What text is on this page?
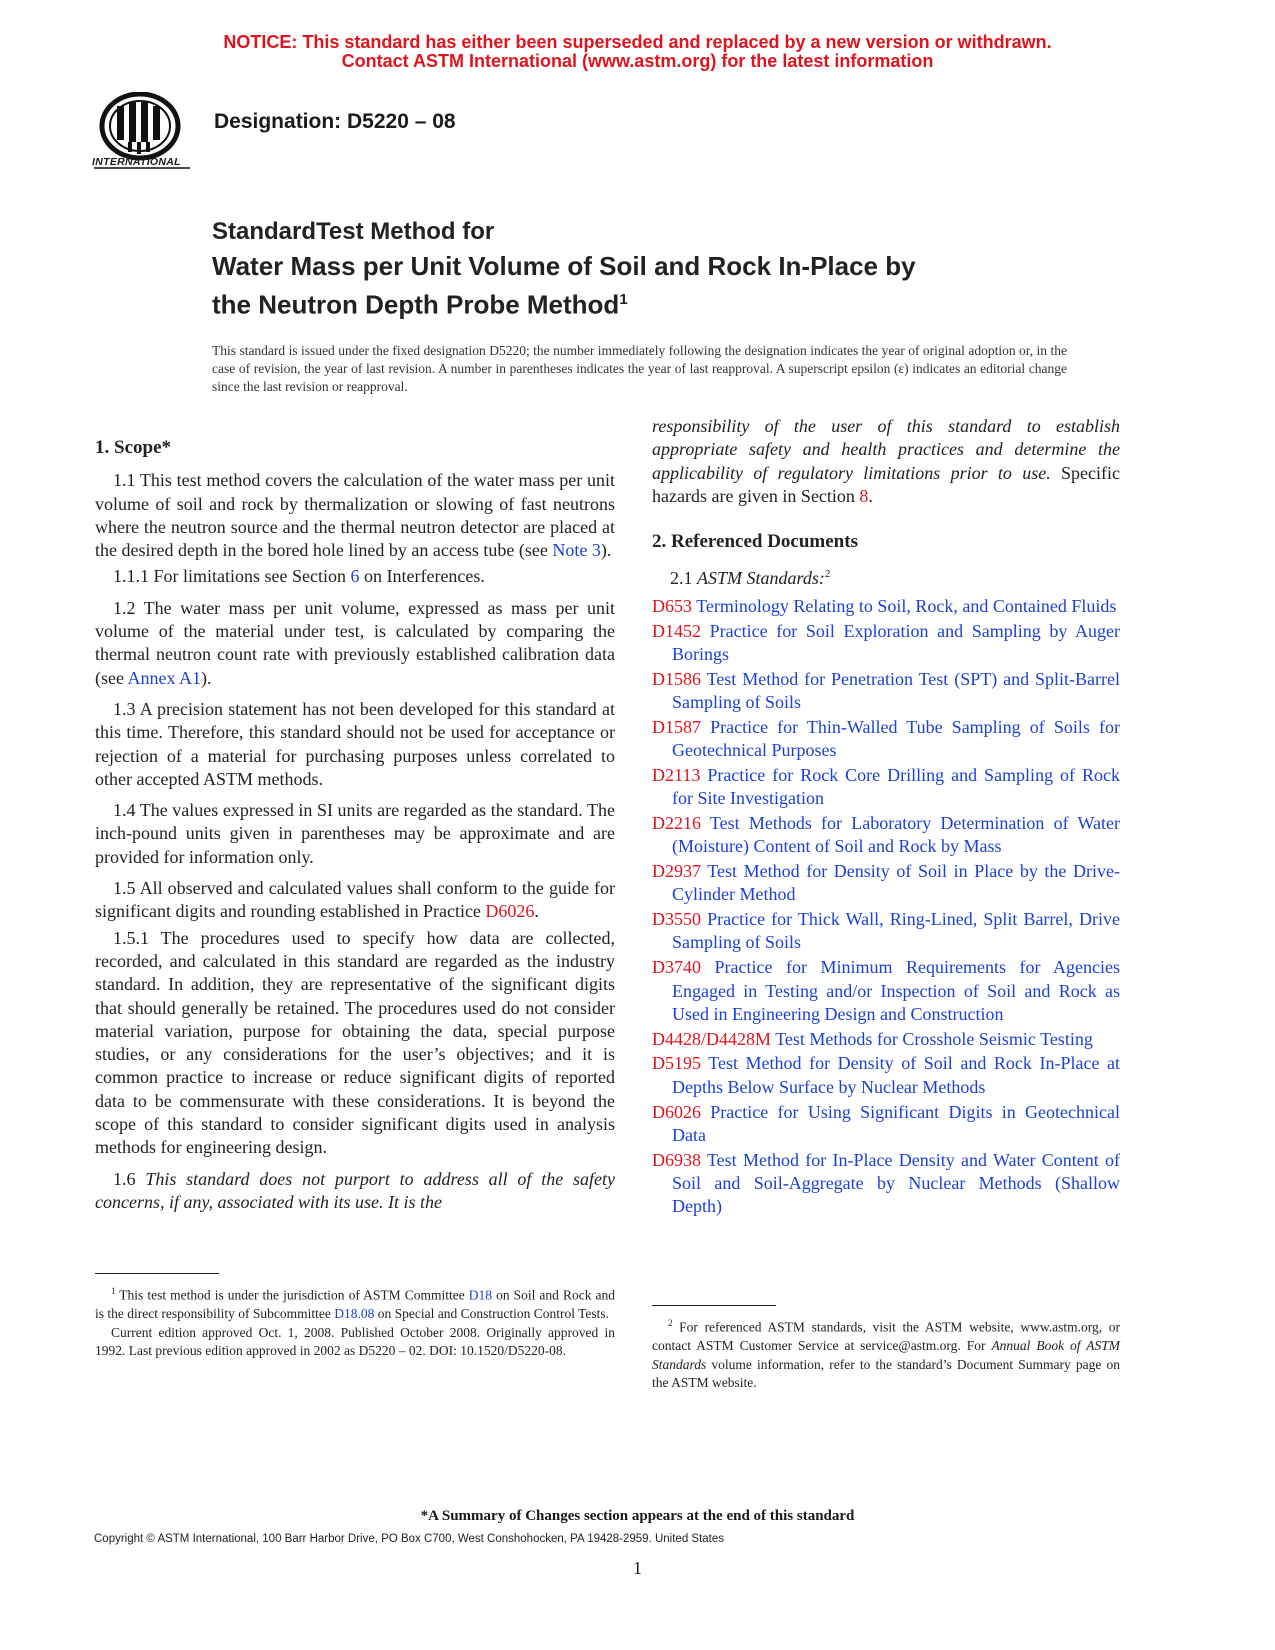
NOTICE: This standard has either been superseded and replaced by a new version or withdrawn.
Contact ASTM International (www.astm.org) for the latest information
INTERNATIONAL
Designation: D5220 – 08
StandardTest Method for
Water Mass per Unit Volume of Soil and Rock In-Place by
the Neutron Depth Probe Method$^1$
This standard is issued under the fixed designation D5220; the number immediately following the designation indicates the year of original adoption or, in the case of revision, the year of last revision. A number in parentheses indicates the year of last reapproval. A superscript epsilon (ε) indicates an editorial change since the last revision or reapproval.
1. Scope*

1.1 This test method covers the calculation of the water mass per unit volume of soil and rock by thermalization or slowing of fast neutrons where the neutron source and the thermal neutron detector are placed at the desired depth in the bored hole lined by an access tube (see Note 3).

1.1.1 For limitations see Section 6 on Interferences.

1.2 The water mass per unit volume, expressed as mass per unit volume of the material under test, is calculated by comparing the thermal neutron count rate with previously established calibration data (see Annex A1).

1.3 A precision statement has not been developed for this standard at this time. Therefore, this standard should not be used for acceptance or rejection of a material for purchasing purposes unless correlated to other accepted ASTM methods.

1.4 The values expressed in SI units are regarded as the standard. The inch-pound units given in parentheses may be approximate and are provided for information only.

1.5 All observed and calculated values shall conform to the guide for significant digits and rounding established in Practice D6026.

1.5.1 The procedures used to specify how data are collected, recorded, and calculated in this standard are regarded as the industry standard. In addition, they are representative of the significant digits that should generally be retained. The procedures used do not consider material variation, purpose for obtaining the data, special purpose studies, or any considerations for the user’s objectives; and it is common practice to increase or reduce significant digits of reported data to be commensurate with these considerations. It is beyond the scope of this standard to consider significant digits used in analysis methods for engineering design.

1.6 This standard does not purport to address all of the safety concerns, if any, associated with its use. It is the

responsibility of the user of this standard to establish appropriate safety and health practices and determine the applicability of regulatory limitations prior to use. Specific hazards are given in Section 8.

2. Referenced Documents
2.1 ASTM Standards:$^2$
D653 Terminology Relating to Soil, Rock, and Contained Fluids
D1452 Practice for Soil Exploration and Sampling by Auger Borings
D1586 Test Method for Penetration Test (SPT) and Split-Barrel Sampling of Soils
D1587 Practice for Thin-Walled Tube Sampling of Soils for Geotechnical Purposes
D2113 Practice for Rock Core Drilling and Sampling of Rock for Site Investigation
D2216 Test Methods for Laboratory Determination of Water (Moisture) Content of Soil and Rock by Mass
D2937 Test Method for Density of Soil in Place by the Drive-Cylinder Method
D3550 Practice for Thick Wall, Ring-Lined, Split Barrel, Drive Sampling of Soils
D3740 Practice for Minimum Requirements for Agencies Engaged in Testing and/or Inspection of Soil and Rock as Used in Engineering Design and Construction
D4428/D4428M Test Methods for Crosshole Seismic Testing
D5195 Test Method for Density of Soil and Rock In-Place at Depths Below Surface by Nuclear Methods
D6026 Practice for Using Significant Digits in Geotechnical Data
D6938 Test Method for In-Place Density and Water Content of Soil and Soil-Aggregate by Nuclear Methods (Shallow Depth)

$^1$ This test method is under the jurisdiction of ASTM Committee D18 on Soil and Rock and is the direct responsibility of Subcommittee D18.08 on Special and Construction Control Tests.

Current edition approved Oct. 1, 2008. Published October 2008. Originally approved in 1992. Last previous edition approved in 2002 as D5220 – 02. DOI: 10.1520/D5220-08.

$^2$ For referenced ASTM standards, visit the ASTM website, www.astm.org, or contact ASTM Customer Service at service@astm.org. For Annual Book of ASTM Standards volume information, refer to the standard’s Document Summary page on the ASTM website.

*A Summary of Changes section appears at the end of this standard
Copyright © ASTM International, 100 Barr Harbor Drive, PO Box C700, West Conshohocken, PA 19428-2959. United States
1
